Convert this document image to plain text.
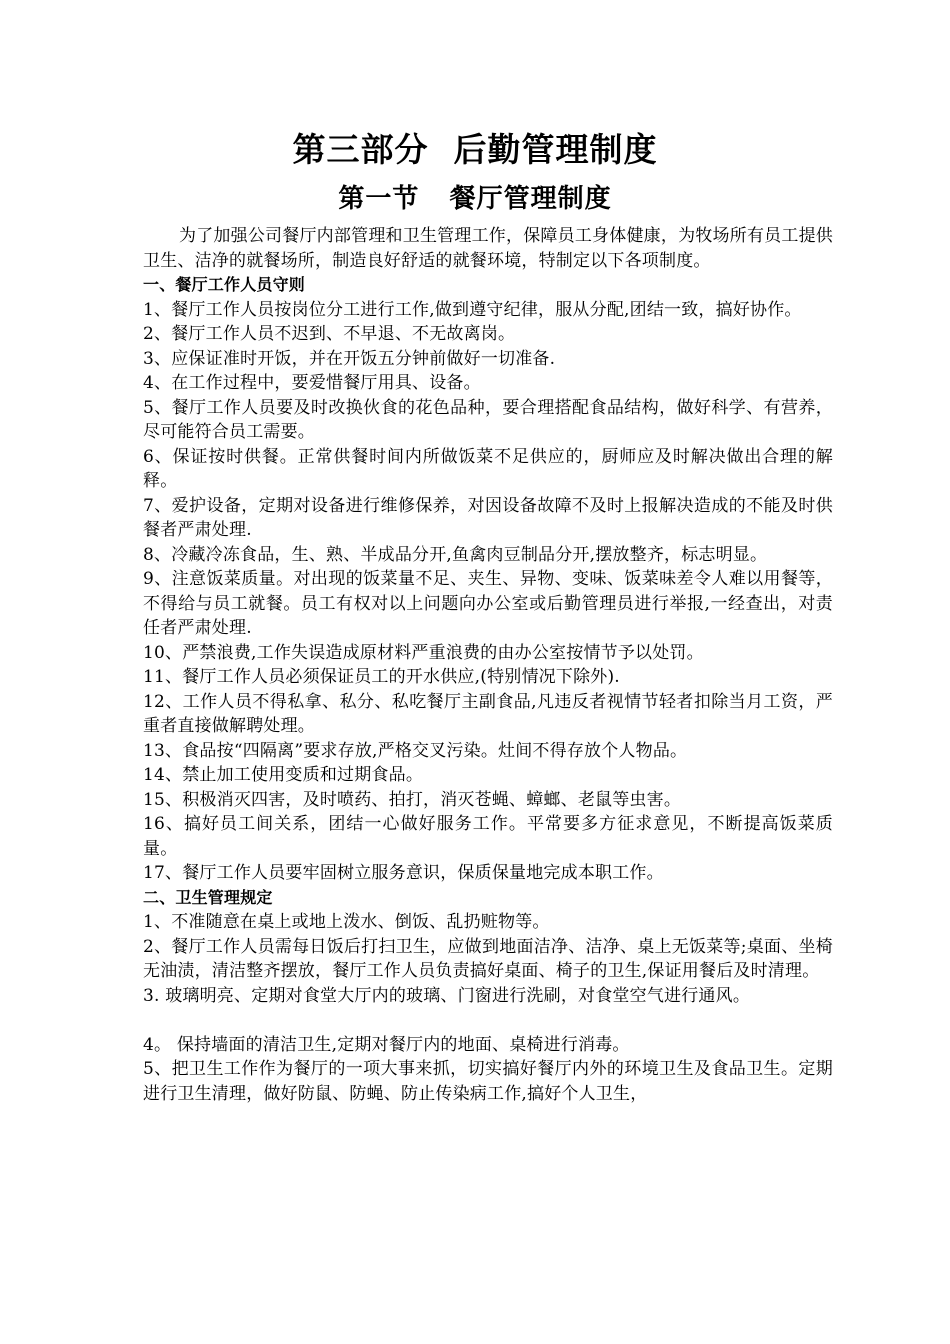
第三部分  后勤管理制度
第一节   餐厅管理制度

为了加强公司餐厅内部管理和卫生管理工作，保障员工身体健康，为牧场所有员工提供卫生、洁净的就餐场所，制造良好舒适的就餐环境，特制定以下各项制度。

一、餐厅工作人员守则

1、餐厅工作人员按岗位分工进行工作,做到遵守纪律，服从分配,团结一致，搞好协作。

2、餐厅工作人员不迟到、不早退、不无故离岗。

3、应保证准时开饭，并在开饭五分钟前做好一切准备.

4、在工作过程中，要爱惜餐厅用具、设备。

5、餐厅工作人员要及时改换伙食的花色品种，要合理搭配食品结构，做好科学、有营养，尽可能符合员工需要。

6、保证按时供餐。正常供餐时间内所做饭菜不足供应的，厨师应及时解决做出合理的解释。

7、爱护设备，定期对设备进行维修保养，对因设备故障不及时上报解决造成的不能及时供餐者严肃处理.

8、冷藏冷冻食品，生、熟、半成品分开,鱼禽肉豆制品分开,摆放整齐，标志明显。

9、注意饭菜质量。对出现的饭菜量不足、夹生、异物、变味、饭菜味差令人难以用餐等，不得给与员工就餐。员工有权对以上问题向办公室或后勤管理员进行举报,一经查出，对责任者严肃处理.

10、严禁浪费,工作失误造成原材料严重浪费的由办公室按情节予以处罚。

11、餐厅工作人员必须保证员工的开水供应,(特别情况下除外).

12、工作人员不得私拿、私分、私吃餐厅主副食品,凡违反者视情节轻者扣除当月工资，严重者直接做解聘处理。

13、食品按“四隔离”要求存放,严格交叉污染。灶间不得存放个人物品。

14、禁止加工使用变质和过期食品。

15、积极消灭四害，及时喷药、拍打，消灭苍蝇、蟑螂、老鼠等虫害。

16、搞好员工间关系，团结一心做好服务工作。平常要多方征求意见，不断提高饭菜质量。

17、餐厅工作人员要牢固树立服务意识，保质保量地完成本职工作。

二、卫生管理规定

1、不准随意在桌上或地上泼水、倒饭、乱扔赃物等。

2、餐厅工作人员需每日饭后打扫卫生，应做到地面洁净、洁净、桌上无饭菜等;桌面、坐椅无油渍，清洁整齐摆放，餐厅工作人员负责搞好桌面、椅子的卫生,保证用餐后及时清理。

3. 玻璃明亮、定期对食堂大厅内的玻璃、门窗进行洗刷，对食堂空气进行通风。

4。 保持墙面的清洁卫生,定期对餐厅内的地面、桌椅进行消毒。

5、把卫生工作作为餐厅的一项大事来抓，切实搞好餐厅内外的环境卫生及食品卫生。定期进行卫生清理，做好防鼠、防蝇、防止传染病工作,搞好个人卫生，
